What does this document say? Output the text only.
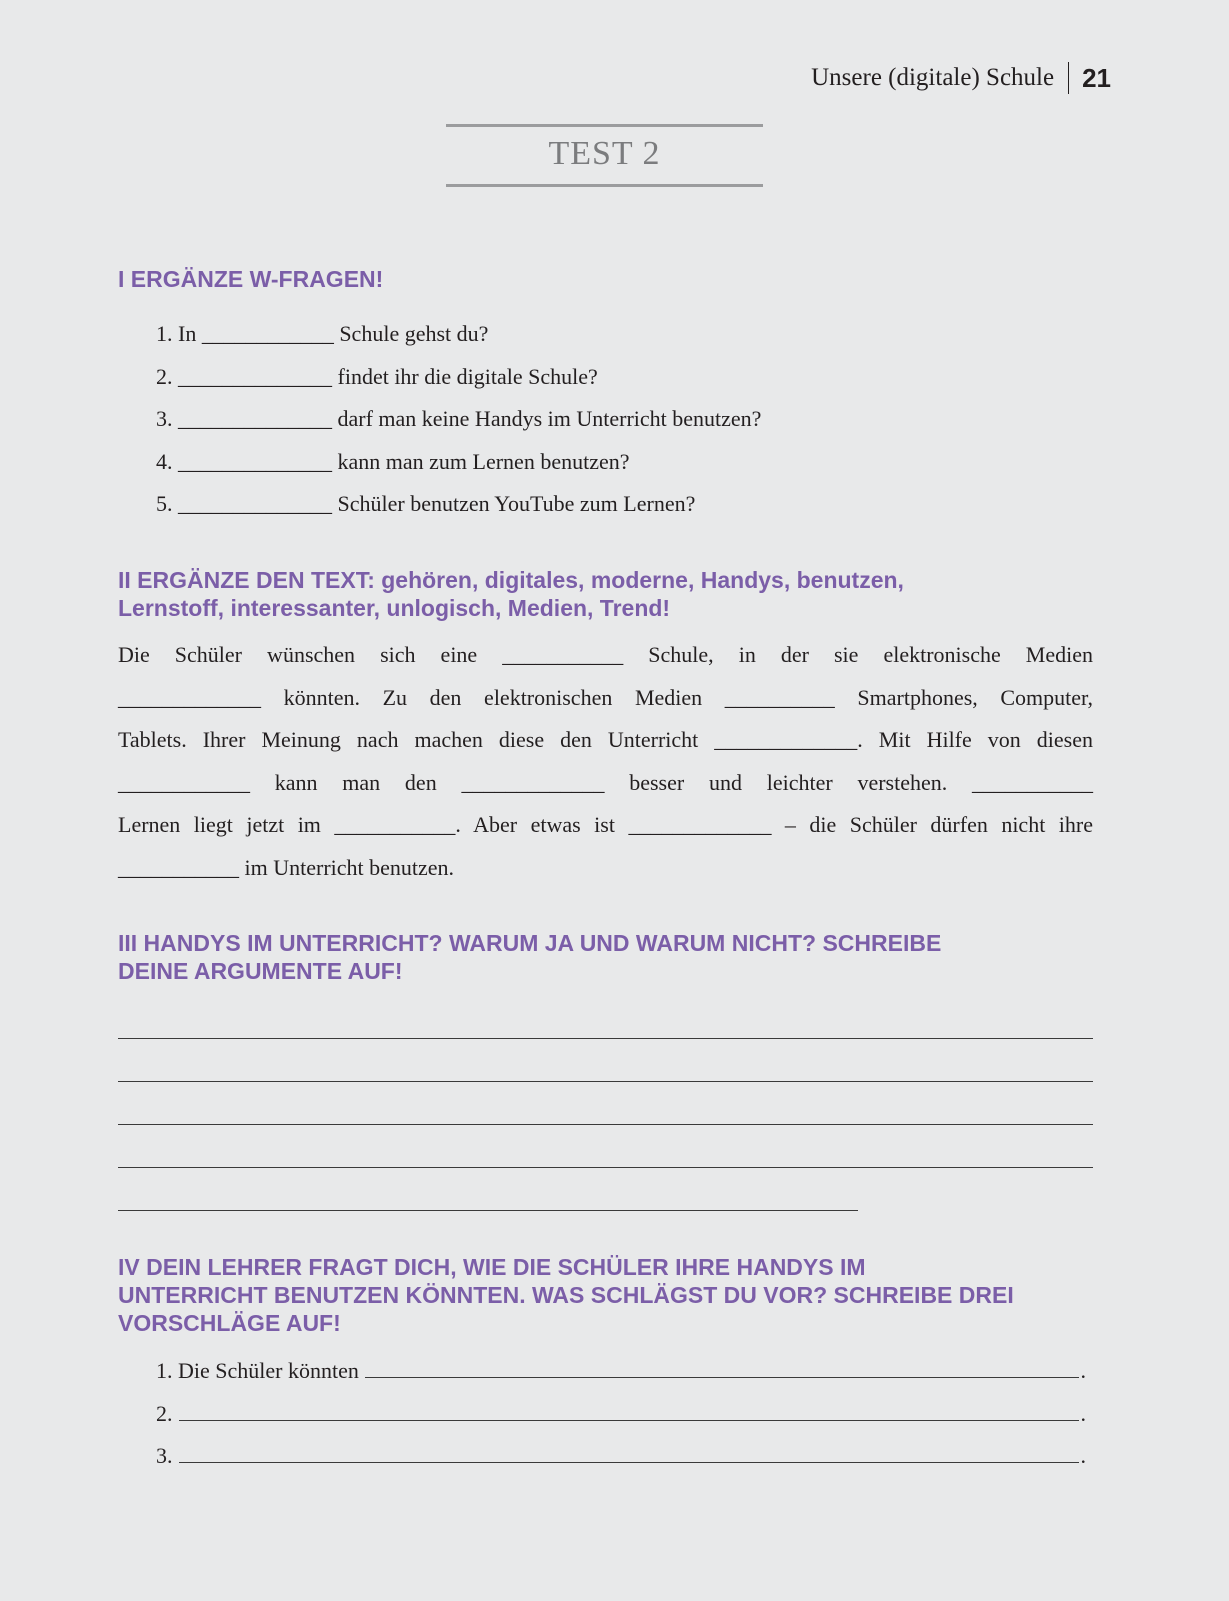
Unsere (digitale) Schule	21
TEST 2
I ERGÄNZE W-FRAGEN!
1. In ____________ Schule gehst du?
2. ______________ findet ihr die digitale Schule?
3. ______________ darf man keine Handys im Unterricht benutzen?
4. ______________ kann man zum Lernen benutzen?
5. ______________ Schüler benutzen YouTube zum Lernen?
II ERGÄNZE DEN TEXT: gehören, digitales, moderne, Handys, benutzen,
Lernstoff, interessanter, unlogisch, Medien, Trend!
Die Schüler wünschen sich eine ___________ Schule, in der sie elektronische Medien
_____________ könnten. Zu den elektronischen Medien __________ Smartphones, Computer,
Tablets. Ihrer Meinung nach machen diese den Unterricht _____________. Mit Hilfe von diesen
____________ kann man den _____________ besser und leichter verstehen. ___________
Lernen liegt jetzt im ___________. Aber etwas ist _____________ – die Schüler dürfen nicht ihre
___________ im Unterricht benutzen.
III HANDYS IM UNTERRICHT? WARUM JA UND WARUM NICHT? SCHREIBE
DEINE ARGUMENTE AUF!
IV DEIN LEHRER FRAGT DICH, WIE DIE SCHÜLER IHRE HANDYS IM
UNTERRICHT BENUTZEN KÖNNTEN. WAS SCHLÄGST DU VOR? SCHREIBE DREI
VORSCHLÄGE AUF!
1. Die Schüler könnten	.
2.	.
3.	.
